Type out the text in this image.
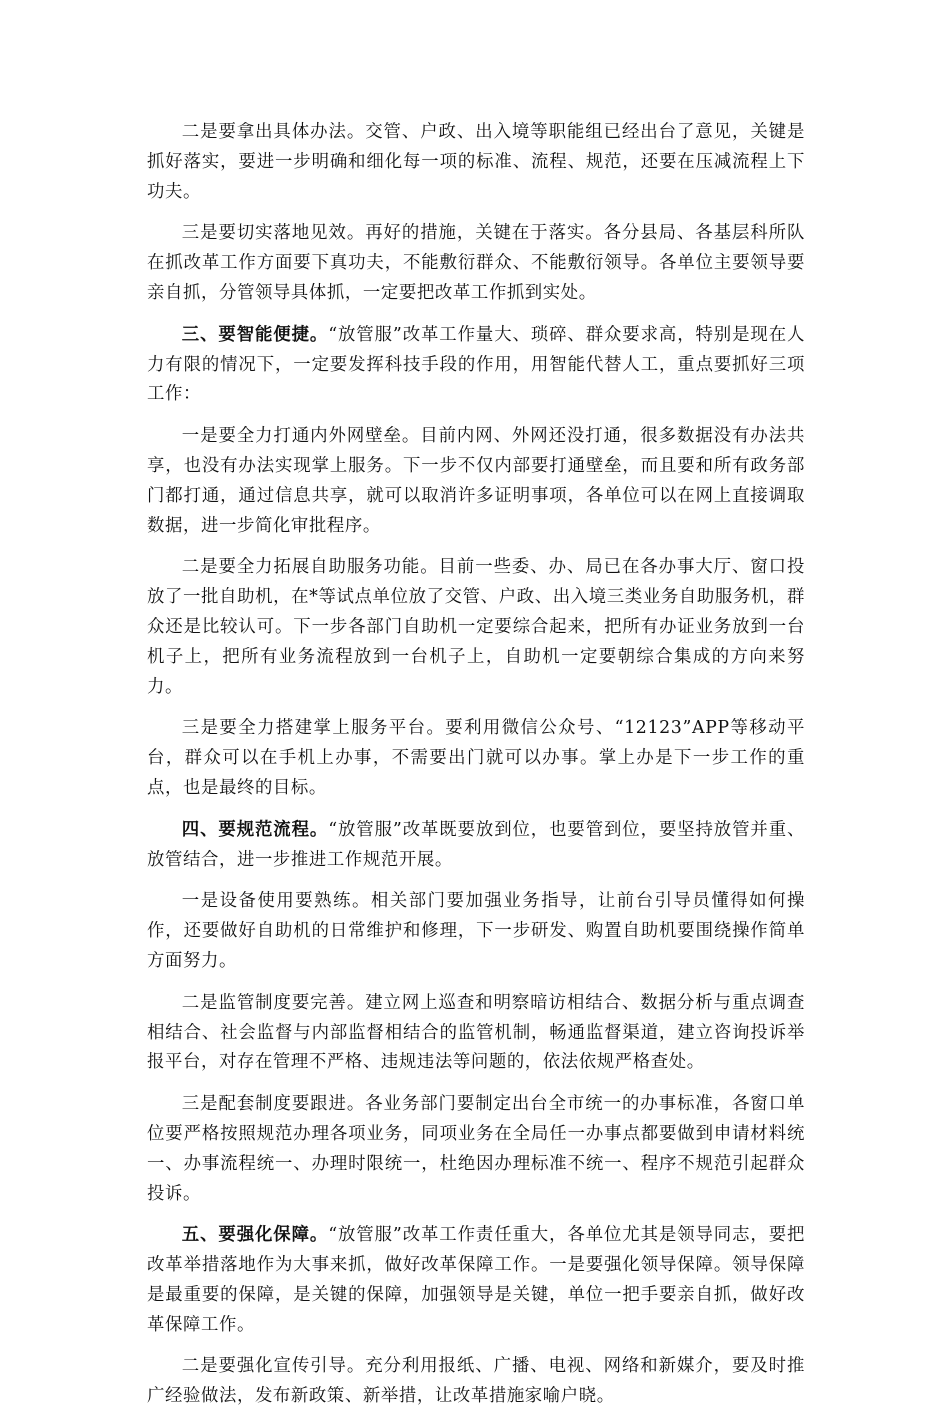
二是要拿出具体办法。交管、户政、出入境等职能组已经出台了意见，关键是抓好落实，要进一步明确和细化每一项的标准、流程、规范，还要在压减流程上下功夫。

三是要切实落地见效。再好的措施，关键在于落实。各分县局、各基层科所队在抓改革工作方面要下真功夫，不能敷衍群众、不能敷衍领导。各单位主要领导要亲自抓，分管领导具体抓，一定要把改革工作抓到实处。

三、要智能便捷。“放管服”改革工作量大、琐碎、群众要求高，特别是现在人力有限的情况下，一定要发挥科技手段的作用，用智能代替人工，重点要抓好三项工作：

一是要全力打通内外网壁垒。目前内网、外网还没打通，很多数据没有办法共享，也没有办法实现掌上服务。下一步不仅内部要打通壁垒，而且要和所有政务部门都打通，通过信息共享，就可以取消许多证明事项，各单位可以在网上直接调取数据，进一步简化审批程序。

二是要全力拓展自助服务功能。目前一些委、办、局已在各办事大厅、窗口投放了一批自助机，在*等试点单位放了交管、户政、出入境三类业务自助服务机，群众还是比较认可。下一步各部门自助机一定要综合起来，把所有办证业务放到一台机子上，把所有业务流程放到一台机子上，自助机一定要朝综合集成的方向来努力。

三是要全力搭建掌上服务平台。要利用微信公众号、“12123”APP等移动平台，群众可以在手机上办事，不需要出门就可以办事。掌上办是下一步工作的重点，也是最终的目标。

四、要规范流程。“放管服”改革既要放到位，也要管到位，要坚持放管并重、放管结合，进一步推进工作规范开展。

一是设备使用要熟练。相关部门要加强业务指导，让前台引导员懂得如何操作，还要做好自助机的日常维护和修理，下一步研发、购置自助机要围绕操作简单方面努力。

二是监管制度要完善。建立网上巡查和明察暗访相结合、数据分析与重点调查相结合、社会监督与内部监督相结合的监管机制，畅通监督渠道，建立咨询投诉举报平台，对存在管理不严格、违规违法等问题的，依法依规严格查处。

三是配套制度要跟进。各业务部门要制定出台全市统一的办事标准，各窗口单位要严格按照规范办理各项业务，同项业务在全局任一办事点都要做到申请材料统一、办事流程统一、办理时限统一，杜绝因办理标准不统一、程序不规范引起群众投诉。

五、要强化保障。“放管服”改革工作责任重大，各单位尤其是领导同志，要把改革举措落地作为大事来抓，做好改革保障工作。一是要强化领导保障。领导保障是最重要的保障，是关键的保障，加强领导是关键，单位一把手要亲自抓，做好改革保障工作。

二是要强化宣传引导。充分利用报纸、广播、电视、网络和新媒介，要及时推广经验做法，发布新政策、新举措，让改革措施家喻户晓。
